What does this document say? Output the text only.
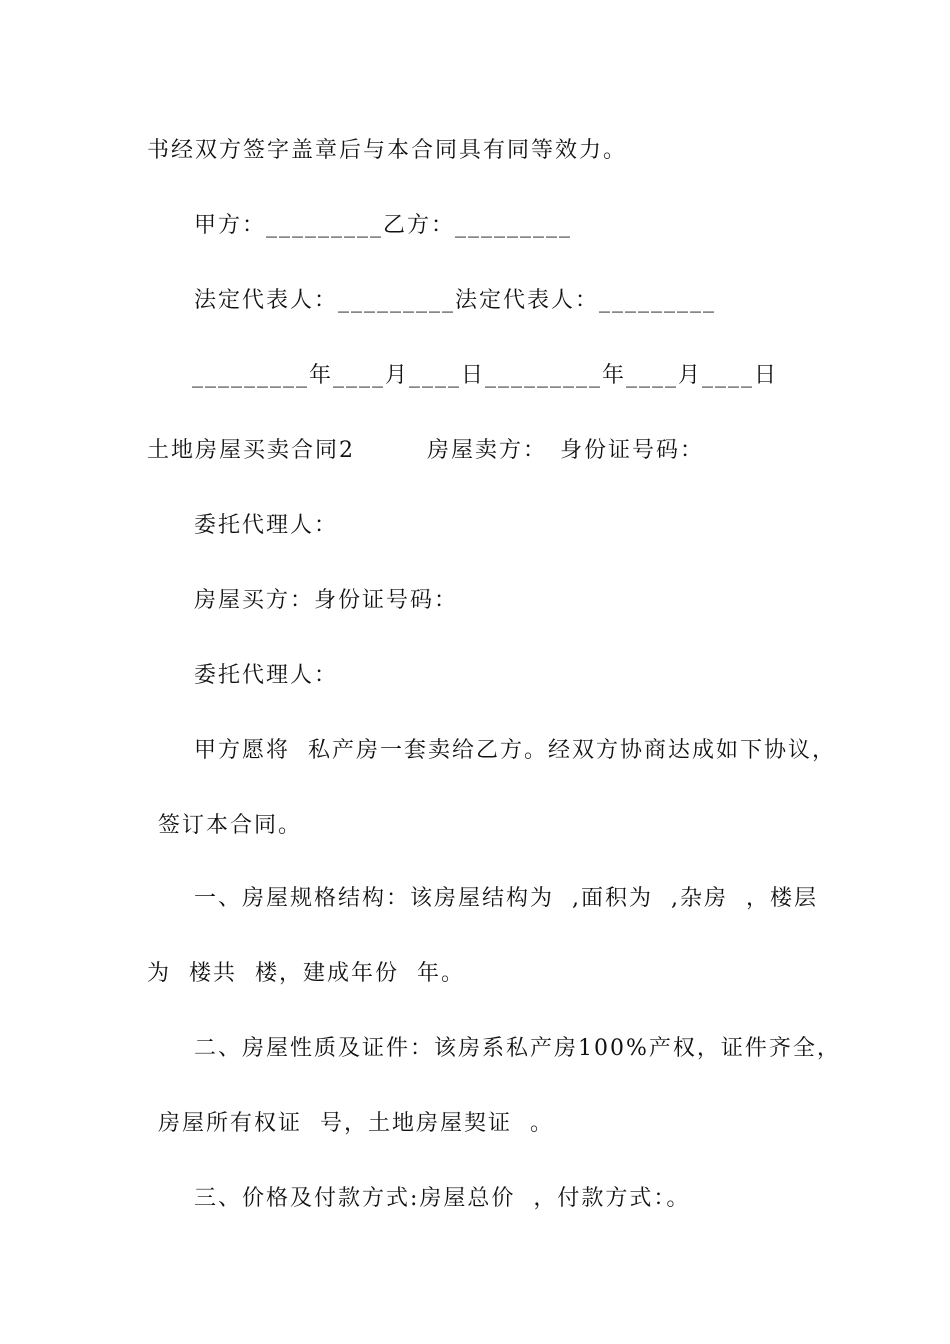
书经双方签字盖章后与本合同具有同等效力。
甲方：_________乙方：_________
法定代表人：_________法定代表人：_________
_________年____月____日_________年____月____日
土地房屋买卖合同2　　　房屋卖方：　身份证号码：
委托代理人：
房屋买方：身份证号码：
委托代理人：
甲方愿将  私产房一套卖给乙方。经双方协商达成如下协议，
签订本合同。
一、房屋规格结构：该房屋结构为  ,面积为  ,杂房  ，楼层
为  楼共  楼，建成年份  年。
二、房屋性质及证件：该房系私产房100%产权，证件齐全，
房屋所有权证  号，土地房屋契证  。
三、价格及付款方式:房屋总价  ，付款方式：。
